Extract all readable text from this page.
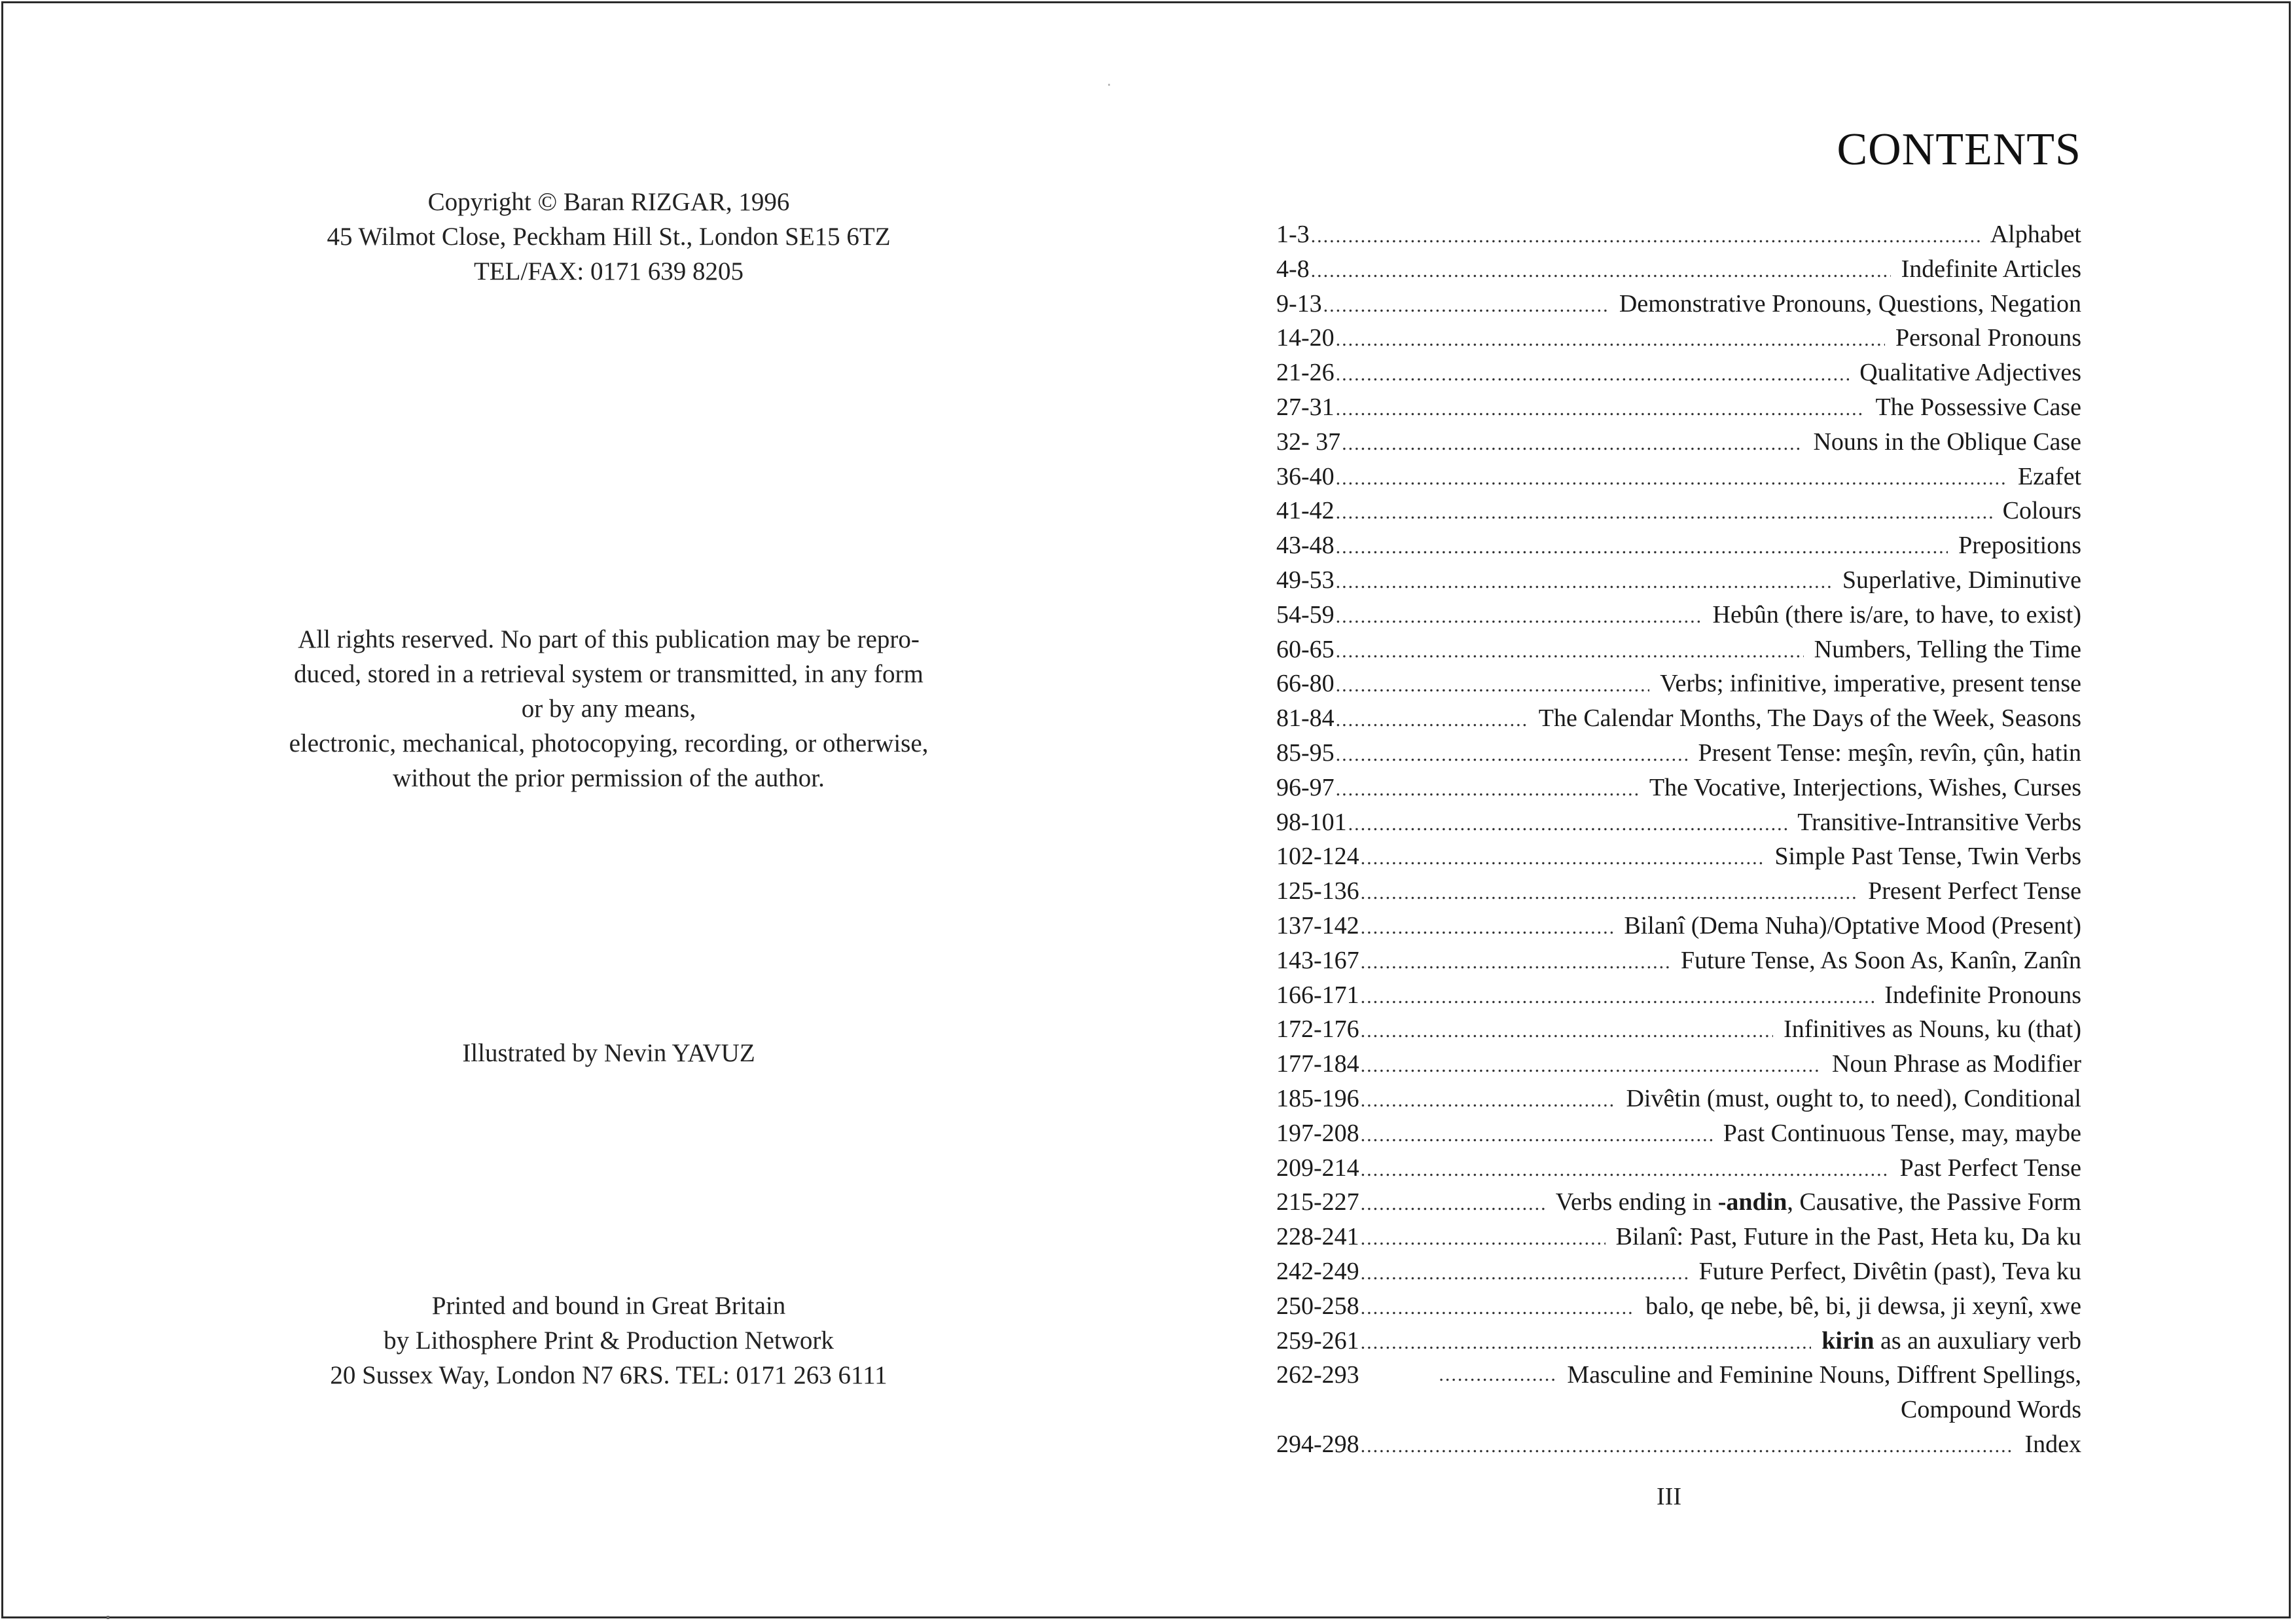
Copyright © Baran RIZGAR, 1996
45 Wilmot Close, Peckham Hill St., London SE15 6TZ
TEL/FAX: 0171 639 8205
All rights reserved. No part of this publication may be repro-
duced, stored in a retrieval system or transmitted, in any form
or by any means,
electronic, mechanical, photocopying, recording, or otherwise,
without the prior permission of the author.
Illustrated by Nevin YAVUZ
Printed and bound in Great Britain
by Lithosphere Print & Production Network
20 Sussex Way, London N7 6RS. TEL: 0171 263 6111
CONTENTS
1-3 .....	Alphabet
4-8 .....	Indefinite Articles
9-13 .....	Demonstrative Pronouns, Questions, Negation
14-20 .....	Personal Pronouns
21-26 .....	Qualitative Adjectives
27-31 .....	The Possessive Case
32- 37 .....	Nouns in the Oblique Case
36-40 .....	Ezafet
41-42 .....	Colours
43-48 .....	Prepositions
49-53 .....	Superlative, Diminutive
54-59 .....	Hebûn (there is/are, to have, to exist)
60-65 .....	Numbers, Telling the Time
66-80 .....	Verbs; infinitive, imperative, present tense
81-84 .....	The Calendar Months, The Days of the Week, Seasons
85-95 .....	Present Tense: meşîn, revîn, çûn, hatin
96-97 .....	The Vocative, Interjections, Wishes, Curses
98-101 .....	Transitive-Intransitive Verbs
102-124 .....	Simple Past Tense, Twin Verbs
125-136 .....	Present Perfect Tense
137-142 .....	Bilanî (Dema Nuha)/Optative Mood (Present)
143-167 .....	Future Tense, As Soon As, Kanîn, Zanîn
166-171 .....	Indefinite Pronouns
172-176 .....	Infinitives as Nouns, ku (that)
177-184 .....	Noun Phrase as Modifier
185-196 .....	Divêtin (must, ought to, to need), Conditional
197-208 .....	Past Continuous Tense, may, maybe
209-214 .....	Past Perfect Tense
215-227 .....	Verbs ending in -andin, Causative, the Passive Form
228-241 .....	Bilanî: Past, Future in the Past, Heta ku, Da ku
242-249 .....	Future Perfect, Divêtin (past), Teva ku
250-258 .....	balo, qe nebe, bê, bi, ji dewsa, ji xeynî, xwe
259-261 .....	kirin as an auxuliary verb
262-293 .....	Masculine and Feminine Nouns, Diffrent Spellings,
Compound Words
294-298 .....	Index
III
